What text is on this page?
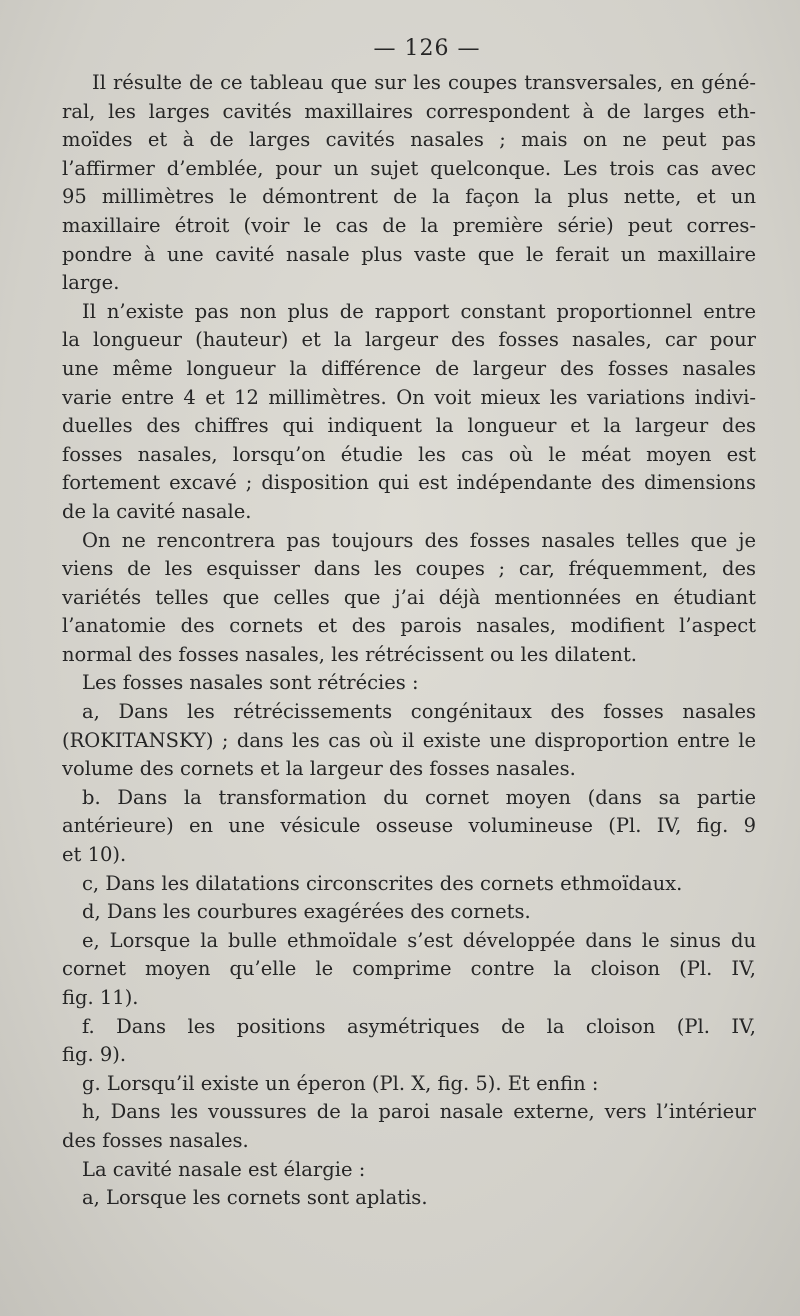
— 126 —
Il résulte de ce tableau que sur les coupes transversales, en géné-
ral, les larges cavités maxillaires correspondent à de larges eth-
moïdes et à de larges cavités nasales ; mais on ne peut pas
l’affirmer d’emblée, pour un sujet quelconque. Les trois cas avec
95 millimètres le démontrent de la façon la plus nette, et un
maxillaire étroit (voir le cas de la première série) peut corres-
pondre à une cavité nasale plus vaste que le ferait un maxillaire
large.
Il n’existe pas non plus de rapport constant proportionnel entre
la longueur (hauteur) et la largeur des fosses nasales, car pour
une même longueur la différence de largeur des fosses nasales
varie entre 4 et 12 millimètres. On voit mieux les variations indivi-
duelles des chiffres qui indiquent la longueur et la largeur des
fosses nasales, lorsqu’on étudie les cas où le méat moyen est
fortement excavé ; disposition qui est indépendante des dimensions
de la cavité nasale.
On ne rencontrera pas toujours des fosses nasales telles que je
viens de les esquisser dans les coupes ; car, fréquemment, des
variétés telles que celles que j’ai déjà mentionnées en étudiant
l’anatomie des cornets et des parois nasales, modifient l’aspect
normal des fosses nasales, les rétrécissent ou les dilatent.
Les fosses nasales sont rétrécies :
a, Dans les rétrécissements congénitaux des fosses nasales
(ROKITANSKY) ; dans les cas où il existe une disproportion entre le
volume des cornets et la largeur des fosses nasales.
b. Dans la transformation du cornet moyen (dans sa partie
antérieure) en une vésicule osseuse volumineuse (Pl. IV, fig. 9
et 10).
c, Dans les dilatations circonscrites des cornets ethmoïdaux.
d, Dans les courbures exagérées des cornets.
e, Lorsque la bulle ethmoïdale s’est développée dans le sinus du
cornet moyen qu’elle le comprime contre la cloison (Pl. IV,
fig. 11).
f. Dans les positions asymétriques de la cloison (Pl. IV,
fig. 9).
g. Lorsqu’il existe un éperon (Pl. X, fig. 5). Et enfin :
h, Dans les voussures de la paroi nasale externe, vers l’intérieur
des fosses nasales.
La cavité nasale est élargie :
a, Lorsque les cornets sont aplatis.
